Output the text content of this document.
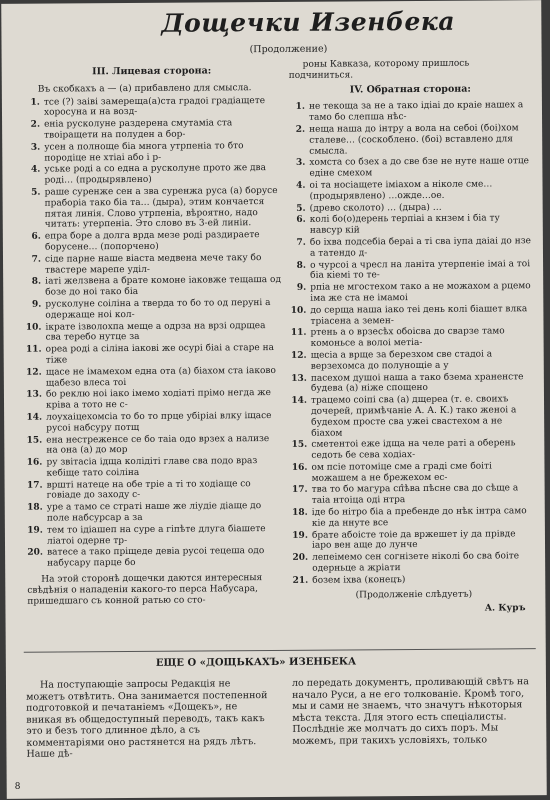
Дощечки Изенбека
(Продолжение)
III. Лицевая сторона:
Въ скобкахъ а — (а) прибавлено для смысла.
1. тсе (?) заіві замереща(а)ста градоі градіащете хоросуна и на возд-
2. еніа русколуне раздерена смутаміа ста твоіращети на полуден а бор-
3. усен а полноще біа многа утрпеніа то бто породіце не хтіаі або і р-
4. уське роді а со една а русколуне прото же два роді… (продырявлено)
5. раше суренже сен а зва суренжа руса (а) борусе праборіа тако біа та… (дыра), этим кончается пятая линія. Слово утрпеніа, вѣроятно, надо читать: утерпеніа. Это слово въ 3-ей линіи.
6. епра боре а долга врда мезе роді раздираете борусене… (попорчено)
7. сіде парне наше віаста медвена мече таку бо твастере марепе уділ-
8. іаті желзвена а брате комоне іаковже тещаша од бозе до ноі тако біа
9. русколуне соіліна а тверда то бо то од перуні а одержаще ноі кол-
10. ікрате ізволохпа меще а одрза на врзі одрщеа сва теребо нутце за
11. ореа роді а сіліна іакові же осурі біаі а старе на тіже
12. щасе не імамехом една ота (а) біахом ста іаково щабезо влеса тоі
13. бо реклю ноі іако імемо ходіаті прімо негда же кріва а тото не с-
14. лоухаіцехомсіа то бо то прце убіріаі влку іщасе русоі набсуру потщ
15. ена нестреженсе се бо таіа одо врзех а нализе на она (а) до мор
16. ру звітасіа ідща колідіті главе сва подо враз кебіще тато соіліна
17. вршті натеце на обе тріе а ті то ходіаще со говіаде до заходу с-
18. уре а тамо се страті наше же ліудіе діаще до поле набсурсар а за
19. тем то ідіашеп на суре а гіпѣте длуга біашете ліатоі одерне тр-
20. ватесе а тако пріщеде девіа русоі тецеша одо набусару парце бо
На этой сторонѣ дощечки даются интересныя свѣдѣнія о нападеніи какого-то перса Набусара, пришедшаго съ конной ратью со сто-
роны Кавказа, которому пришлось подчиниться.
IV. Обратная сторона:
1. не текоща за не а тако ідіаі до краіе нашех а тамо бо слепша нѣс-
2. неща наша до інтру а вола на себоі (боі)хом сталеве… (соскоблено. (боі) вставлено для смысла.
3. хомста со бзех а до све бзе не нуте наше отце едіне смехом
4. оі та носіащете іміахом а ніколе сме… (продырявлено) …ожде…ое.
5. (древо сколото) … (дыра) …
6. колі бо(о)дерень терпіаі а кнзем і біа ту навсур кій
7. бо іхва подсебіа бераі а ті сва іупа даіаі до нзе а татендо д-
8. о чурсоі а чресл на ланіта утерпеніе імаі а тоі біа кіемі то те-
9. рпіа не мгостехом тако а не можахом а рцемо іма же ста не імамоі
10. до серща наша іако теі день колі біашет влка тріасена а земен-
11. ртень а о врзесѣх обоісва до сварзе тамо комоньсе а волоі метіа-
12. щесіа а врще за березхом све стадоі а верзехомса до полунощіе а у
13. пасехом душоі наша а тако бзема храненсте будева (а) ніже спощено
14. трацемо соіпі сва (а) дщереа (т. е. своихъ дочерей, примѣчаніе А. А. К.) тако женоі а будехом просте сва ужеі свастехом а не біахом
15. сметентоі еже ідща на челе раті а оберень седоть бе сева ходіах-
16. ом псіе потоміце сме а граді сме боіті можашем а не брежехом ес-
17. тва то бо магура сп̂ѣва пѣсне сва до сѣще а таіа нтоіца оді нтра
18. іде бо нітро біа а пребенде до нѣк інтра само кіе да ннуте все
19. брате абоісте тоіе да вржешет іу да прівде іаро вен аще до лунче
20. лепеімемо сен согнізете ніколі бо сва боіте одерньце а жріати
21. бозем іхва (конецъ)
(Продолженіе слѣдуетъ)
А. Куръ
ЕЩЕ О «ДОЩЬКАХЪ» ИЗЕНБЕКА
На поступающіе запросы Редакція не можетъ отвѣтить. Она занимается постепенной подготовкой и печатаніемъ «Дощекъ», не вникая въ общедоступный переводъ, такъ какъ это и безъ того длинное дѣло, а съ комментаріями оно растянется на рядъ лѣтъ. Наше дѣ-
ло передать документъ, проливающій свѣтъ на начало Руси, а не его толкованіе. Кромѣ того, мы и сами не знаемъ, что значутъ нѣкоторыя мѣста текста. Для этого есть спеціалисты. Послѣдніе же молчатъ до сихъ поръ. Мы можемъ, при такихъ условіяхъ, только
8
